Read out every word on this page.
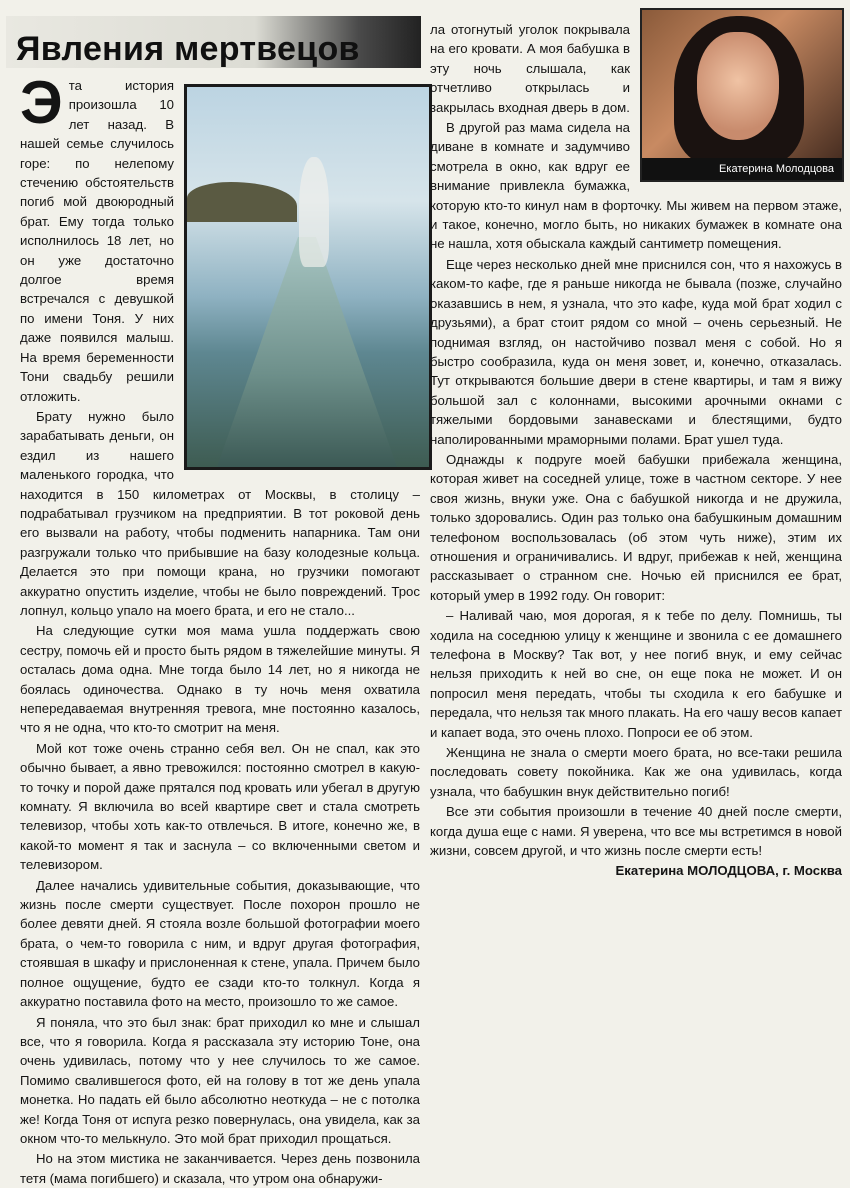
Явления мертвецов

Эта история произошла 10 лет назад. В нашей семье случилось горе: по нелепому стечению обстоятельств погиб мой двоюродный брат. Ему тогда только исполнилось 18 лет, но он уже достаточно долгое время встречался с девушкой по имени Тоня. У них даже появился малыш. На время беременности Тони свадьбу решили отложить.

Брату нужно было зарабатывать деньги, он ездил из нашего маленького городка, что находится в 150 километрах от Москвы, в столицу – подрабатывал грузчиком на предприятии. В тот роковой день его вызвали на работу, чтобы подменить напарника. Там они разгружали только что прибывшие на базу колодезные кольца. Делается это при помощи крана, но грузчики помогают аккуратно опустить изделие, чтобы не было повреждений. Трос лопнул, кольцо упало на моего брата, и его не стало...

На следующие сутки моя мама ушла поддержать свою сестру, помочь ей и просто быть рядом в тяжелейшие минуты. Я осталась дома одна. Мне тогда было 14 лет, но я никогда не боялась одиночества. Однако в ту ночь меня охватила непередаваемая внутренняя тревога, мне постоянно казалось, что я не одна, что кто-то смотрит на меня.

Мой кот тоже очень странно себя вел. Он не спал, как это обычно бывает, а явно тревожился: постоянно смотрел в какую-то точку и порой даже прятался под кровать или убегал в другую комнату. Я включила во всей квартире свет и стала смотреть телевизор, чтобы хоть как-то отвлечься. В итоге, конечно же, в какой-то момент я так и заснула – со включенными светом и телевизором.

Далее начались удивительные события, доказывающие, что жизнь после смерти существует. После похорон прошло не более девяти дней. Я стояла возле большой фотографии моего брата, о чем-то говорила с ним, и вдруг другая фотография, стоявшая в шкафу и прислоненная к стене, упала. Причем было полное ощущение, будто ее сзади кто-то толкнул. Когда я аккуратно поставила фото на место, произошло то же самое.

Я поняла, что это был знак: брат приходил ко мне и слышал все, что я говорила. Когда я рассказала эту историю Тоне, она очень удивилась, потому что у нее случилось то же самое. Помимо свалившегося фото, ей на голову в тот же день упала монетка. Но падать ей было абсолютно неоткуда – не с потолка же! Когда Тоня от испуга резко повернулась, она увидела, как за окном что-то мелькнуло. Это мой брат приходил прощаться.

Но на этом мистика не заканчивается. Через день позвонила тетя (мама погибшего) и сказала, что утром она обнаружи-

Екатерина Молодцова

ла отогнутый уголок покрывала на его кровати. А моя бабушка в эту ночь слышала, как отчетливо открылась и закрылась входная дверь в дом.

В другой раз мама сидела на диване в комнате и задумчиво смотрела в окно, как вдруг ее внимание привлекла бумажка, которую кто-то кинул нам в форточку. Мы живем на первом этаже, и такое, конечно, могло быть, но никаких бумажек в комнате она не нашла, хотя обыскала каждый сантиметр помещения.

Еще через несколько дней мне приснился сон, что я нахожусь в каком-то кафе, где я раньше никогда не бывала (позже, случайно оказавшись в нем, я узнала, что это кафе, куда мой брат ходил с друзьями), а брат стоит рядом со мной – очень серьезный. Не поднимая взгляд, он настойчиво позвал меня с собой. Но я быстро сообразила, куда он меня зовет, и, конечно, отказалась. Тут открываются большие двери в стене квартиры, и там я вижу большой зал с колоннами, высокими арочными окнами с тяжелыми бордовыми занавесками и блестящими, будто наполированными мраморными полами. Брат ушел туда.

Однажды к подруге моей бабушки прибежала женщина, которая живет на соседней улице, тоже в частном секторе. У нее своя жизнь, внуки уже. Она с бабушкой никогда и не дружила, только здоровались. Один раз только она бабушкиным домашним телефоном воспользовалась (об этом чуть ниже), этим их отношения и ограничивались. И вдруг, прибежав к ней, женщина рассказывает о странном сне. Ночью ей приснился ее брат, который умер в 1992 году. Он говорит:

– Наливай чаю, моя дорогая, я к тебе по делу. Помнишь, ты ходила на соседнюю улицу к женщине и звонила с ее домашнего телефона в Москву? Так вот, у нее погиб внук, и ему сейчас нельзя приходить к ней во сне, он еще пока не может. И он попросил меня передать, чтобы ты сходила к его бабушке и передала, что нельзя так много плакать. На его чашу весов капает и капает вода, это очень плохо. Попроси ее об этом.

Женщина не знала о смерти моего брата, но все-таки решила последовать совету покойника. Как же она удивилась, когда узнала, что бабушкин внук действительно погиб!

Все эти события произошли в течение 40 дней после смерти, когда душа еще с нами. Я уверена, что все мы встретимся в новой жизни, совсем другой, и что жизнь после смерти есть!

Екатерина МОЛОДЦОВА, г. Москва
